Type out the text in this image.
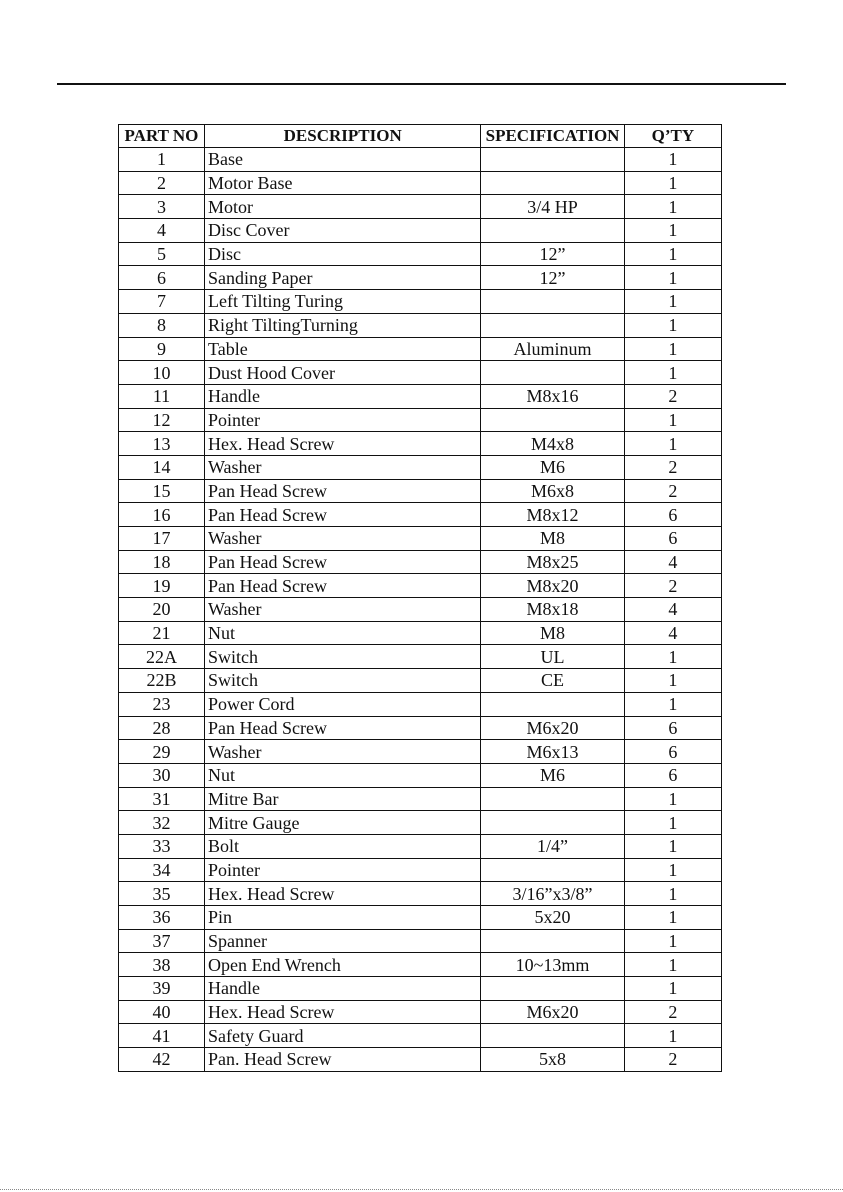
PART NO	DESCRIPTION	SPECIFICATION	Q’TY
1	Base		1
2	Motor Base		1
3	Motor	3/4 HP	1
4	Disc Cover		1
5	Disc	12”	1
6	Sanding Paper	12”	1
7	Left Tilting Turing		1
8	Right TiltingTurning		1
9	Table	Aluminum	1
10	Dust Hood Cover		1
11	Handle	M8x16	2
12	Pointer		1
13	Hex. Head Screw	M4x8	1
14	Washer	M6	2
15	Pan Head Screw	M6x8	2
16	Pan Head Screw	M8x12	6
17	Washer	M8	6
18	Pan Head Screw	M8x25	4
19	Pan Head Screw	M8x20	2
20	Washer	M8x18	4
21	Nut	M8	4
22A	Switch	UL	1
22B	Switch	CE	1
23	Power Cord		1
28	Pan Head Screw	M6x20	6
29	Washer	M6x13	6
30	Nut	M6	6
31	Mitre Bar		1
32	Mitre Gauge		1
33	Bolt	1/4”	1
34	Pointer		1
35	Hex. Head Screw	3/16”x3/8”	1
36	Pin	5x20	1
37	Spanner		1
38	Open End Wrench	10~13mm	1
39	Handle		1
40	Hex. Head Screw	M6x20	2
41	Safety Guard		1
42	Pan. Head Screw	5x8	2
